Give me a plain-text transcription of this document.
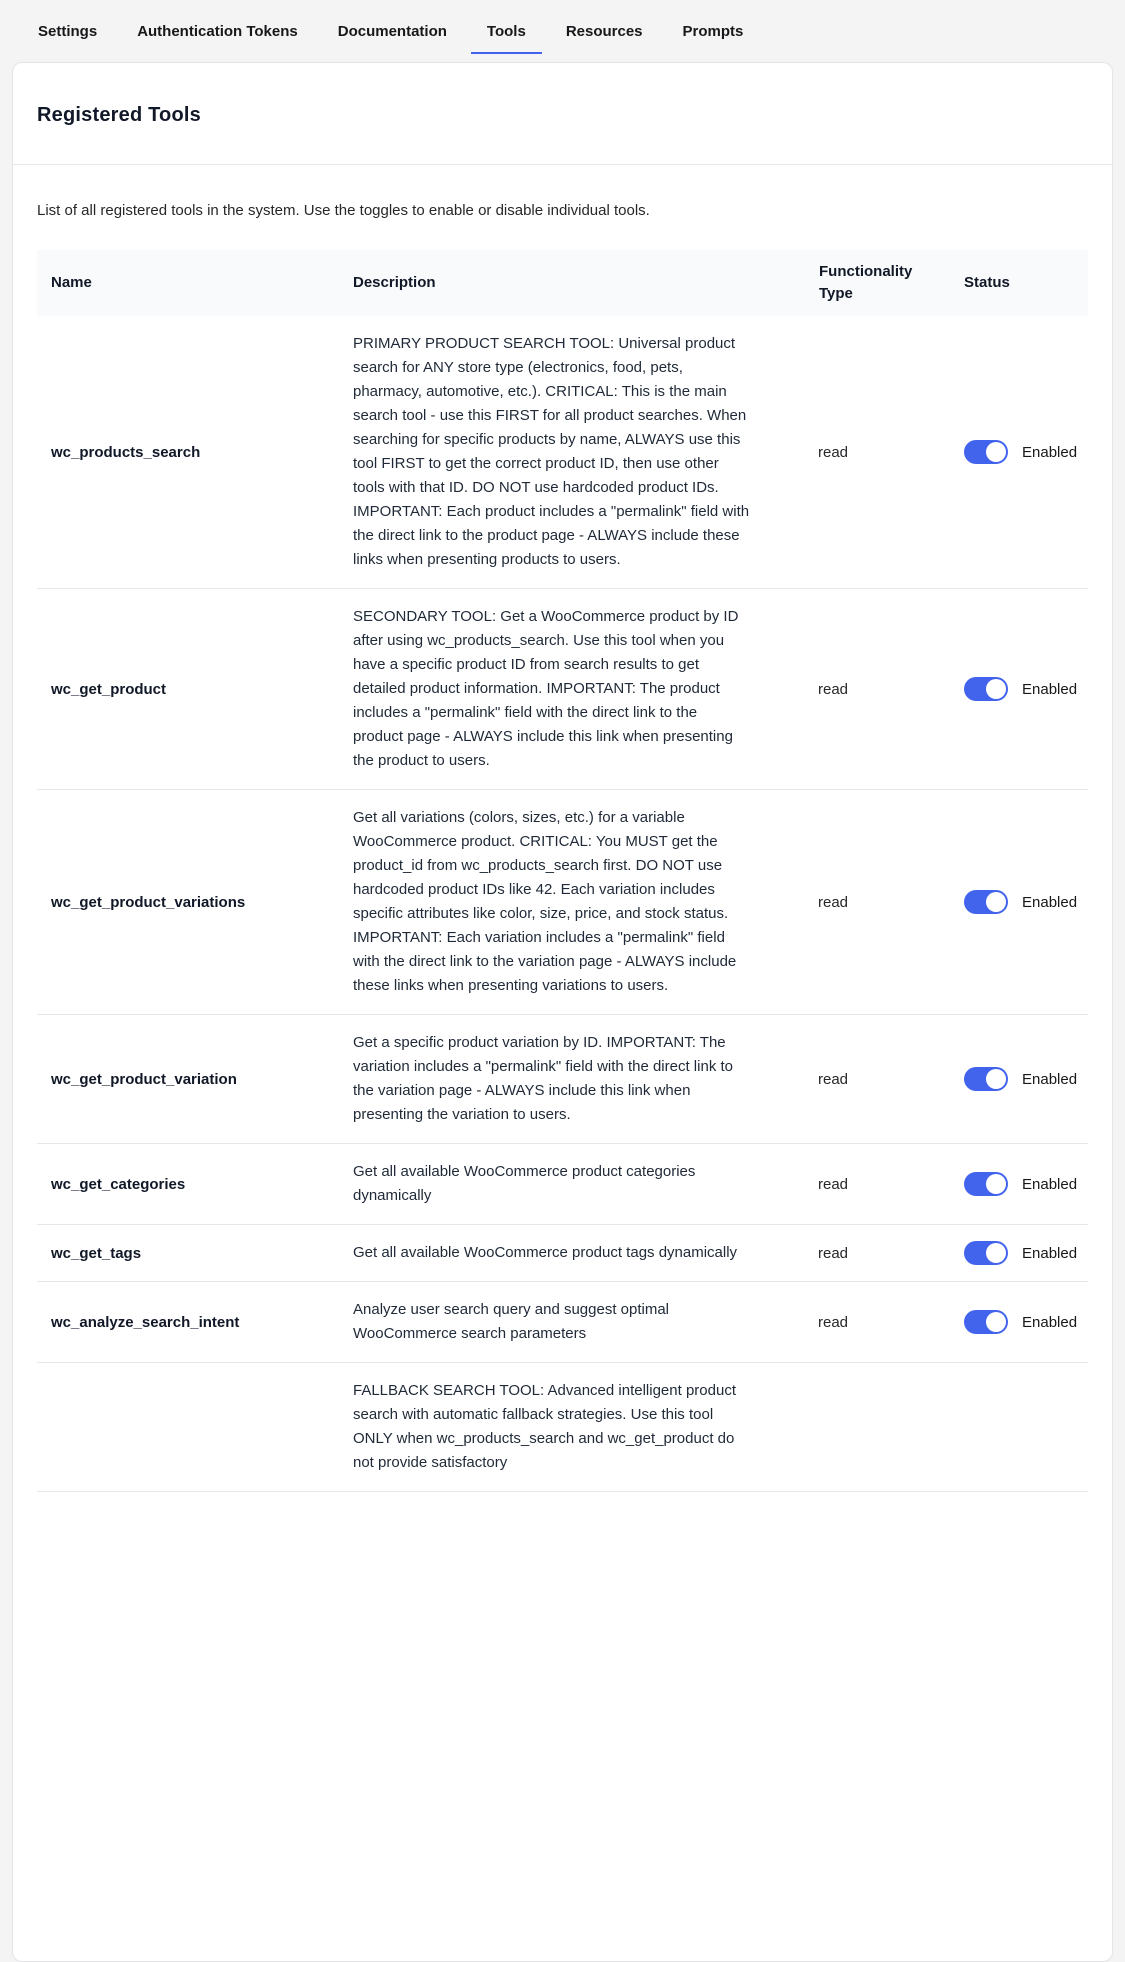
Settings	Authentication Tokens	Documentation	Tools	Resources	Prompts
Registered Tools

List of all registered tools in the system. Use the toggles to enable or disable individual tools.

Name	Description	Functionality Type	Status
wc_products_search	PRIMARY PRODUCT SEARCH TOOL: Universal product search for ANY store type (electronics, food, pets, pharmacy, automotive, etc.). CRITICAL: This is the main search tool - use this FIRST for all product searches. When searching for specific products by name, ALWAYS use this tool FIRST to get the correct product ID, then use other tools with that ID. DO NOT use hardcoded product IDs. IMPORTANT: Each product includes a "permalink" field with the direct link to the product page - ALWAYS include these links when presenting products to users.	read	Enabled

wc_get_product	SECONDARY TOOL: Get a WooCommerce product by ID after using wc_products_search. Use this tool when you have a specific product ID from search results to get detailed product information. IMPORTANT: The product includes a "permalink" field with the direct link to the product page - ALWAYS include this link when presenting the product to users.	read	Enabled

wc_get_product_variations	Get all variations (colors, sizes, etc.) for a variable WooCommerce product. CRITICAL: You MUST get the product_id from wc_products_search first. DO NOT use hardcoded product IDs like 42. Each variation includes specific attributes like color, size, price, and stock status. IMPORTANT: Each variation includes a "permalink" field with the direct link to the variation page - ALWAYS include these links when presenting variations to users.	read	Enabled

wc_get_product_variation	Get a specific product variation by ID. IMPORTANT: The variation includes a "permalink" field with the direct link to the variation page - ALWAYS include this link when presenting the variation to users.	read	Enabled

wc_get_categories	Get all available WooCommerce product categories dynamically	read	Enabled

wc_get_tags	Get all available WooCommerce product tags dynamically	read	Enabled

wc_analyze_search_intent	Analyze user search query and suggest optimal WooCommerce search parameters	read	Enabled

	FALLBACK SEARCH TOOL: Advanced intelligent product search with automatic fallback strategies. Use this tool ONLY when wc_products_search and wc_get_product do not provide satisfactory		
